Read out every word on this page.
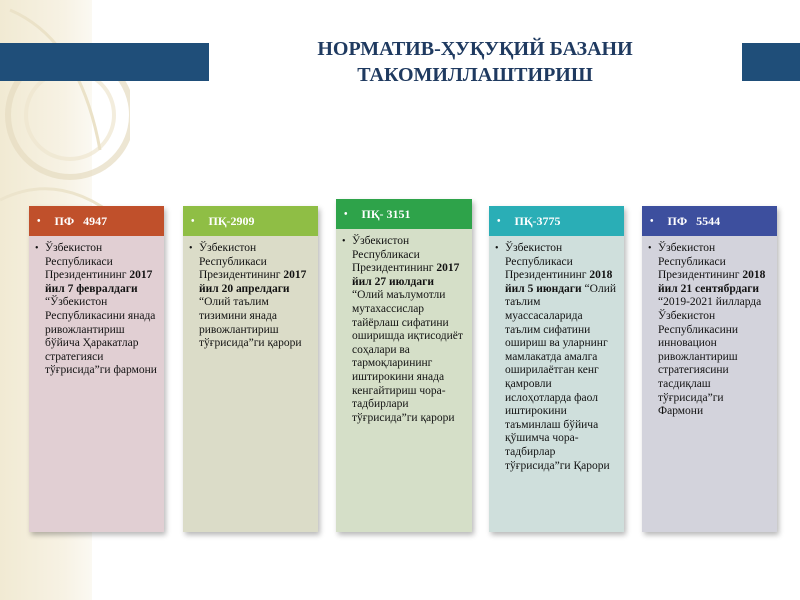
НОРМАТИВ-ҲУҚУҚИЙ БАЗАНИ
ТАКОМИЛЛАШТИРИШ
• ПФ   4947
• Ўзбекистон Республикаси Президентининг 2017 йил 7 февралдаги “Ўзбекистон Республикасини янада ривожлантириш бўйича Ҳаракатлар стратегияси тўғрисида”ги фармони
• ПҚ-2909
• Ўзбекистон Республикаси Президентининг 2017 йил 20 апрелдаги “Олий таълим тизимини янада ривожлантириш тўғрисида”ги қарори
• ПҚ- 3151
• Ўзбекистон Республикаси Президентининг 2017 йил 27 июлдаги “Олий маълумотли мутахассислар тайёрлаш сифатини оширишда иқтисодиёт соҳалари ва тармоқларининг иштирокини янада кенгайтириш чора-тадбирлари тўғрисида”ги қарори
• ПҚ-3775
• Ўзбекистон Республикаси Президентининг 2018 йил 5 июндаги “Олий таълим муассасаларида таълим сифатини ошириш ва уларнинг мамлакатда амалга оширилаётган кенг қамровли ислоҳотларда фаол иштирокини таъминлаш бўйича қўшимча чора-тадбирлар тўғрисида”ги Қарори
• ПФ   5544
• Ўзбекистон Республикаси Президентининг 2018 йил 21 сентябрдаги “2019-2021 йилларда Ўзбекистон Республикасини инновацион ривожлантириш стратегиясини тасдиқлаш тўғрисида”ги Фармони
